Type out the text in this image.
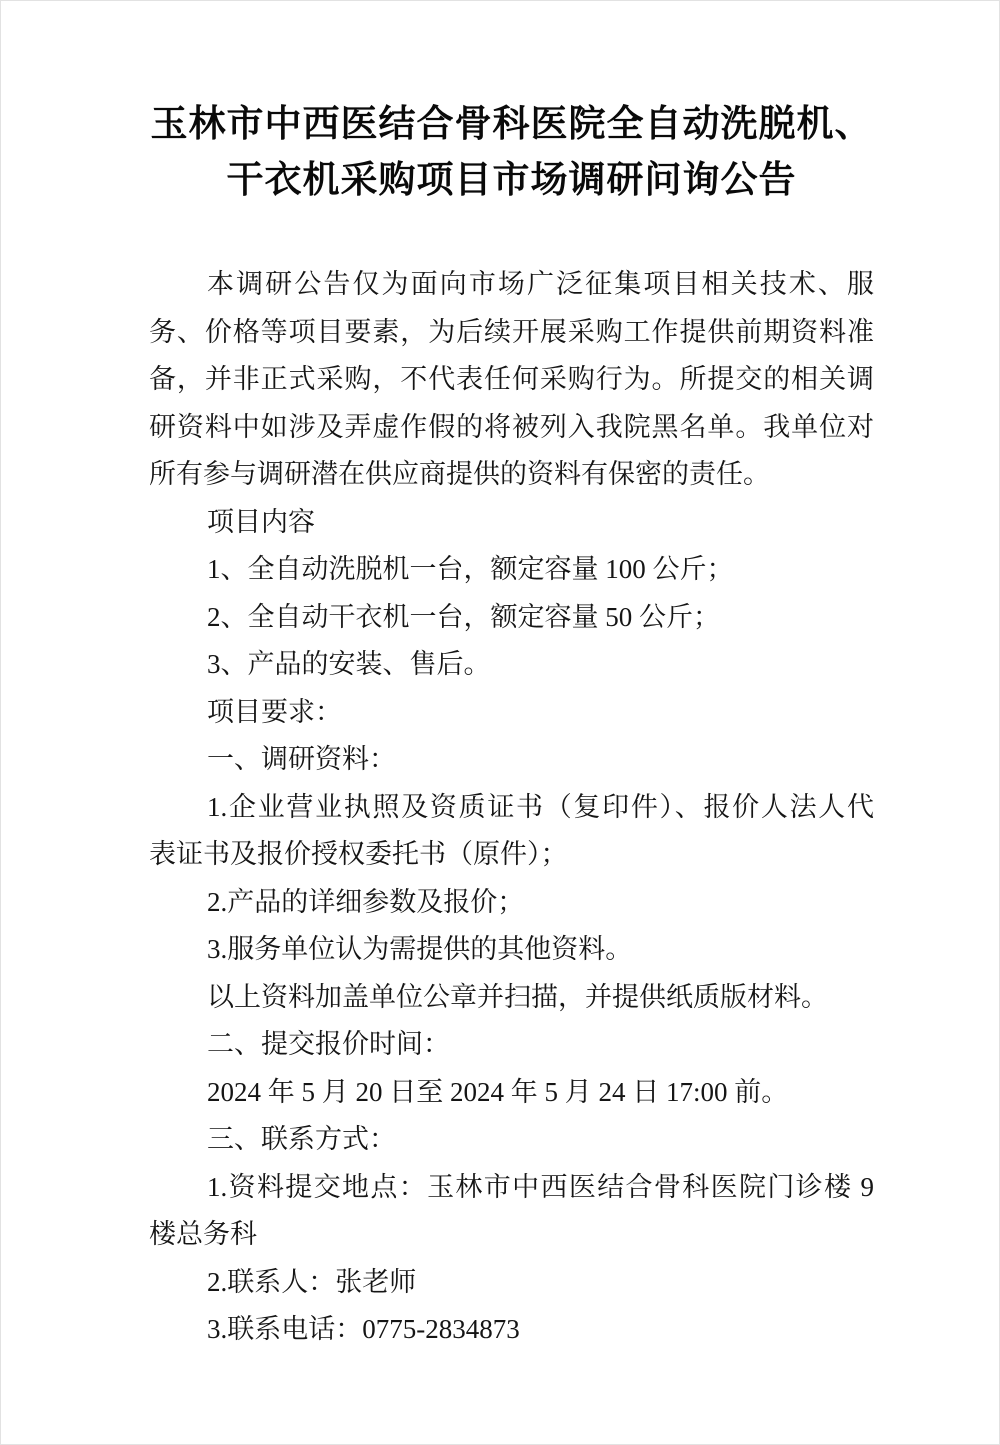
玉林市中西医结合骨科医院全自动洗脱机、
干衣机采购项目市场调研问询公告
本调研公告仅为面向市场广泛征集项目相关技术、服
务、价格等项目要素，为后续开展采购工作提供前期资料准
备，并非正式采购，不代表任何采购行为。所提交的相关调
研资料中如涉及弄虚作假的将被列入我院黑名单。我单位对
所有参与调研潜在供应商提供的资料有保密的责任。
项目内容
1、全自动洗脱机一台，额定容量 100 公斤；
2、全自动干衣机一台，额定容量 50 公斤；
3、产品的安装、售后。
项目要求：
一、调研资料：
1.企业营业执照及资质证书（复印件）、报价人法人代
表证书及报价授权委托书（原件）；
2.产品的详细参数及报价；
3.服务单位认为需提供的其他资料。
以上资料加盖单位公章并扫描，并提供纸质版材料。
二、提交报价时间：
2024 年 5 月 20 日至 2024 年 5 月 24 日 17:00 前。
三、联系方式：
1.资料提交地点：玉林市中西医结合骨科医院门诊楼 9
楼总务科
2.联系人：张老师
3.联系电话：0775-2834873
